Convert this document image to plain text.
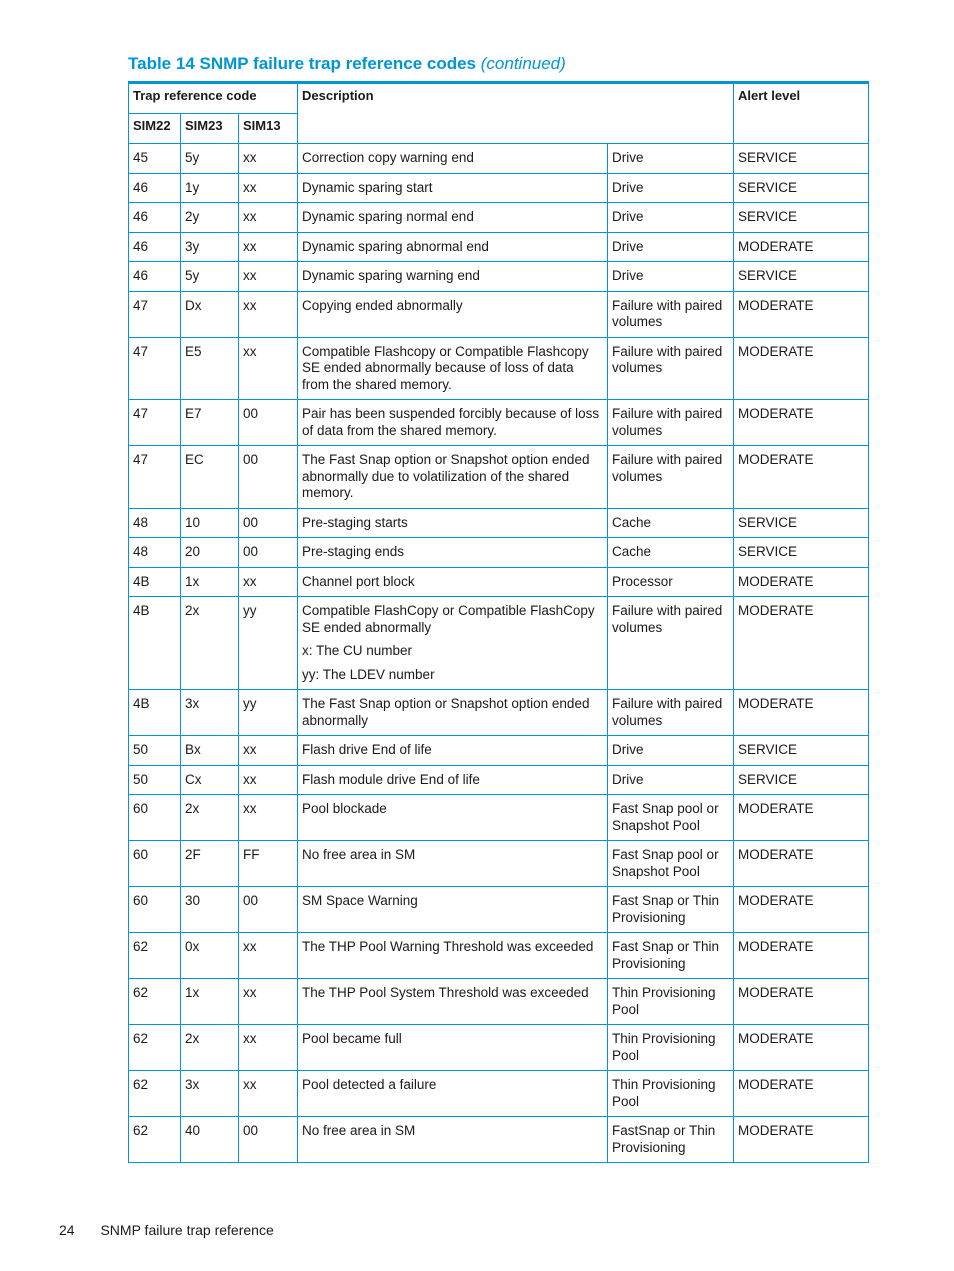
Table 14 SNMP failure trap reference codes (continued)
Trap reference code			Description		Alert level
SIM22	SIM23	SIM13			
45	5y	xx	Correction copy warning end	Drive	SERVICE
46	1y	xx	Dynamic sparing start	Drive	SERVICE
46	2y	xx	Dynamic sparing normal end	Drive	SERVICE
46	3y	xx	Dynamic sparing abnormal end	Drive	MODERATE
46	5y	xx	Dynamic sparing warning end	Drive	SERVICE
47	Dx	xx	Copying ended abnormally	Failure with paired volumes	MODERATE
47	E5	xx	Compatible Flashcopy or Compatible Flashcopy SE ended abnormally because of loss of data from the shared memory.	Failure with paired volumes	MODERATE
47	E7	00	Pair has been suspended forcibly because of loss of data from the shared memory.	Failure with paired volumes	MODERATE
47	EC	00	The Fast Snap option or Snapshot option ended abnormally due to volatilization of the shared memory.	Failure with paired volumes	MODERATE
48	10	00	Pre-staging starts	Cache	SERVICE
48	20	00	Pre-staging ends	Cache	SERVICE
4B	1x	xx	Channel port block	Processor	MODERATE
4B	2x	yy	Compatible FlashCopy or Compatible FlashCopy SE ended abnormally
x: The CU number
yy: The LDEV number	Failure with paired volumes	MODERATE
4B	3x	yy	The Fast Snap option or Snapshot option ended abnormally	Failure with paired volumes	MODERATE
50	Bx	xx	Flash drive End of life	Drive	SERVICE
50	Cx	xx	Flash module drive End of life	Drive	SERVICE
60	2x	xx	Pool blockade	Fast Snap pool or Snapshot Pool	MODERATE
60	2F	FF	No free area in SM	Fast Snap pool or Snapshot Pool	MODERATE
60	30	00	SM Space Warning	Fast Snap or Thin Provisioning	MODERATE
62	0x	xx	The THP Pool Warning Threshold was exceeded	Fast Snap or Thin Provisioning	MODERATE
62	1x	xx	The THP Pool System Threshold was exceeded	Thin Provisioning Pool	MODERATE
62	2x	xx	Pool became full	Thin Provisioning Pool	MODERATE
62	3x	xx	Pool detected a failure	Thin Provisioning Pool	MODERATE
62	40	00	No free area in SM	FastSnap or Thin Provisioning	MODERATE
24 SNMP failure trap reference
